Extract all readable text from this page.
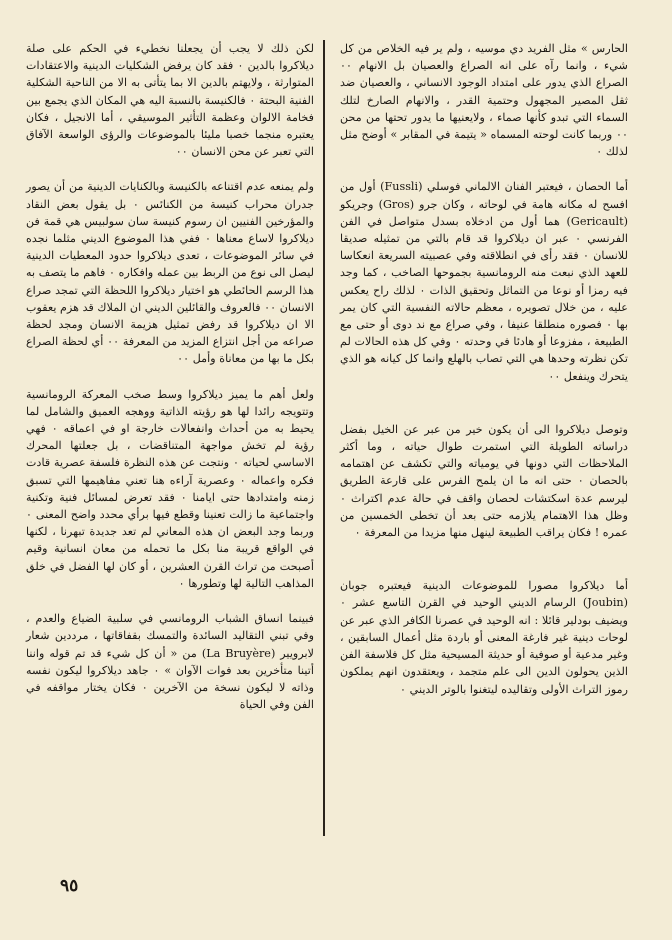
الحارس » مثل الفريد دي موسيه ، ولم ير فيه الخلاص من كل شيء ، وانما رآه على انه الصراع والعصيان بل الانهام ٠٠ الصراع الذي يدور على امتداد الوجود الانساني ، والعصيان ضد ثقل المصير المجهول وحتمية القدر ، والانهام الصارخ لتلك السماء التي تبدو كأنها صماء ، ولايعنيها ما يدور تحتها من محن ٠٠ وربما كانت لوحته المسماه « يتيمة في المقابر » أوضح مثل لذلك ٠

أما الحصان ، فيعتبر الفنان الالماني فوسلي (Fussli) أول من افسح له مكانه هامة في لوحاته ، وكان جرو (Gros) وجريكو (Gericault) هما أول من ادخلاه بسدل متواصل في الفن الفرنسي ٠ عبر ان ديلاكروا قد قام بالتي من تمثيله صديقا للانسان ٠ فقد رأى في انطلاقته وفي عصبيته السريعة انعكاسا للعهد الذي نبعت منه الرومانسية بجموحها الصاخب ، كما وجد فيه رمزا أو نوعا من التماثل وتحقيق الذات ٠ لذلك راح يعكس عليه ، من خلال تصويره ، معظم حالاته النفسية التي كان يمر بها ٠ فصوره منطلقا عنيفا ، وفي صراع مع ند دوى أو حتى مع الطبيعة ، مفزوعا أو هادئا في وحدته ٠ وفي كل هذه الحالات لم تكن نظرته وحدها هي التي تصاب بالهلع وانما كل كيانه هو الذي يتحرك وينفعل ٠٠

وتوصل ديلاكروا الى أن يكون خير من عبر عن الخيل بفضل دراساته الطويلة التي استمرت طوال حياته ، وما أكثر الملاحظات التي دونها في يومياته والتي تكشف عن اهتمامه بالحصان ٠ حتى انه ما ان يلمح الفرس على قارعة الطريق ليرسم عدة اسكتشات لحصان واقف في حالة عدم اكتراث ٠ وظل هذا الاهتمام يلازمه حتى بعد أن تخطى الخمسين من عمره ! فكان يراقب الطبيعة لينهل منها مزيدا من المعرفة ٠

أما ديلاكروا مصورا للموضوعات الدينية فيعتبره جوبان (Joubin) الرسام الديني الوحيد في القرن التاسع عشر ٠ ويضيف بودلير قائلا : انه الوحيد في عصرنا الكافر الذي عبر عن لوحات دينية غير فارغة المعنى أو باردة مثل أعمال السابقين ، وغير مدعية أو صوفية أو حديثة المسيحية مثل كل فلاسفة الفن الذين يحولون الدين الى علم متجمد ، ويعتقدون انهم يملكون رموز التراث الأولى وتقاليده ليتغنوا بالوتر الديني ٠

لكن ذلك لا يجب أن يجعلنا نخطيء في الحكم على صلة ديلاكروا بالدين ٠ فقد كان يرفض الشكليات الدينية والاعتقادات المتوارثة ، ولايهتم بالدين الا بما يتأتى به الا من الناحية الشكلية الفنية البحتة ٠ فالكنيسة بالنسبة اليه هي المكان الذي يجمع بين فخامة الالوان وعظمة التأثير الموسيقي ، أما الانجيل ، فكان يعتبره منجما خصبا مليئا بالموضوعات والرؤى الواسعة الآفاق التي تعبر عن محن الانسان ٠٠

ولم يمنعه عدم اقتناعه بالكنيسة وبالكنايات الدينية من أن يصور جدران محراب كنيسة من الكنائس ٠ بل يقول بعض النقاد والمؤرخين الفنيين ان رسوم كنيسة سان سولبيس هي قمة فن ديلاكروا لاساع معناها ٠ ففي هذا الموضوع الديني مثلما نجده في سائر الموضوعات ، تعدى ديلاكروا حدود المعطيات الدينية ليصل الى نوع من الربط بين عمله وافكاره ٠ فاهم ما يتصف به هذا الرسم الحائطي هو اختيار ديلاكروا اللحظة التي تمجد صراع الانسان ٠٠ فالعروف والقائلين الديني ان الملاك قد هزم يعقوب الا ان ديلاكروا قد رفض تمثيل هزيمة الانسان ومجد لحظة صراعه من أجل انتزاع المزيد من المعرفة ٠٠ أي لحظة الصراع بكل ما بها من معاناة وأمل ٠٠

ولعل أهم ما يميز ديلاكروا وسط صخب المعركة الرومانسية وتتويجه رائدا لها هو رؤيته الذاتية ووهجه العميق والشامل لما يحيط به من أحداث وانفعالات خارجة او في اعماقه ٠ فهي رؤية لم تخش مواجهة المتناقضات ، بل جعلتها المحرك الاساسي لحياته ٠ ونتجت عن هذه النظرة فلسفة عصرية قادت فكره واعماله ٠ وعصرية آراءه هنا تعني مفاهيمها التي تسبق زمنه وامتدادها حتى ايامنا ٠ فقد تعرض لمسائل فنية وتكنية واجتماعية ما زالت تعنينا وقطع فيها برأي محدد واضح المعنى ٠ وربما وجد البعض ان هذه المعاني لم تعد جديدة تبهرنا ، لكنها في الواقع قريبة منا بكل ما تحمله من معان انسانية وقيم أصبحت من تراث القرن العشرين ، أو كان لها الفضل في خلق المذاهب التالية لها وتطورها ٠

فبينما انساق الشباب الرومانسي في سلبية الضياع والعدم ، وفي تبني التقاليد السائدة والتمسك بقفاقاتها ، مرددين شعار لابرويير (La Bruyère) من « أن كل شيء قد تم قوله واننا أتينا متأخرين بعد فوات الآوان » ٠ جاهد ديلاكروا ليكون نفسه وذاته لا ليكون نسخة من الآخرين ٠ فكان يختار مواقفه في الفن وفي الحياة

٩٥
